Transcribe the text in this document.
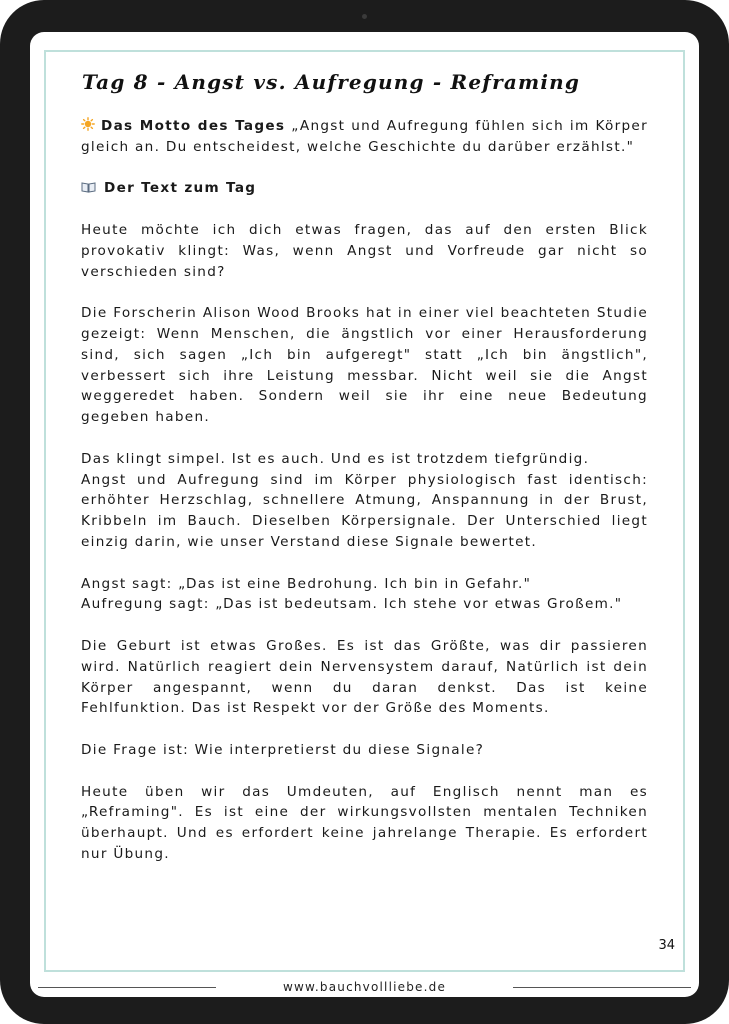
Tag 8 - Angst vs. Aufregung - Reframing

Das Motto des Tages „Angst und Aufregung fühlen sich im Körper gleich an. Du entscheidest, welche Geschichte du darüber erzählst."

Der Text zum Tag

Heute möchte ich dich etwas fragen, das auf den ersten Blick provokativ klingt: Was, wenn Angst und Vorfreude gar nicht so verschieden sind?

Die Forscherin Alison Wood Brooks hat in einer viel beachteten Studie gezeigt: Wenn Menschen, die ängstlich vor einer Herausforderung sind, sich sagen „Ich bin aufgeregt" statt „Ich bin ängstlich", verbessert sich ihre Leistung messbar. Nicht weil sie die Angst weggeredet haben. Sondern weil sie ihr eine neue Bedeutung gegeben haben.

Das klingt simpel. Ist es auch. Und es ist trotzdem tiefgründig.
Angst und Aufregung sind im Körper physiologisch fast identisch: erhöhter Herzschlag, schnellere Atmung, Anspannung in der Brust, Kribbeln im Bauch. Dieselben Körpersignale. Der Unterschied liegt einzig darin, wie unser Verstand diese Signale bewertet.

Angst sagt: „Das ist eine Bedrohung. Ich bin in Gefahr."
Aufregung sagt: „Das ist bedeutsam. Ich stehe vor etwas Großem."

Die Geburt ist etwas Großes. Es ist das Größte, was dir passieren wird. Natürlich reagiert dein Nervensystem darauf, Natürlich ist dein Körper angespannt, wenn du daran denkst. Das ist keine Fehlfunktion. Das ist Respekt vor der Größe des Moments.

Die Frage ist: Wie interpretierst du diese Signale?

Heute üben wir das Umdeuten, auf Englisch nennt man es „Reframing". Es ist eine der wirkungsvollsten mentalen Techniken überhaupt. Und es erfordert keine jahrelange Therapie. Es erfordert nur Übung.

34
www.bauchvollliebe.de
